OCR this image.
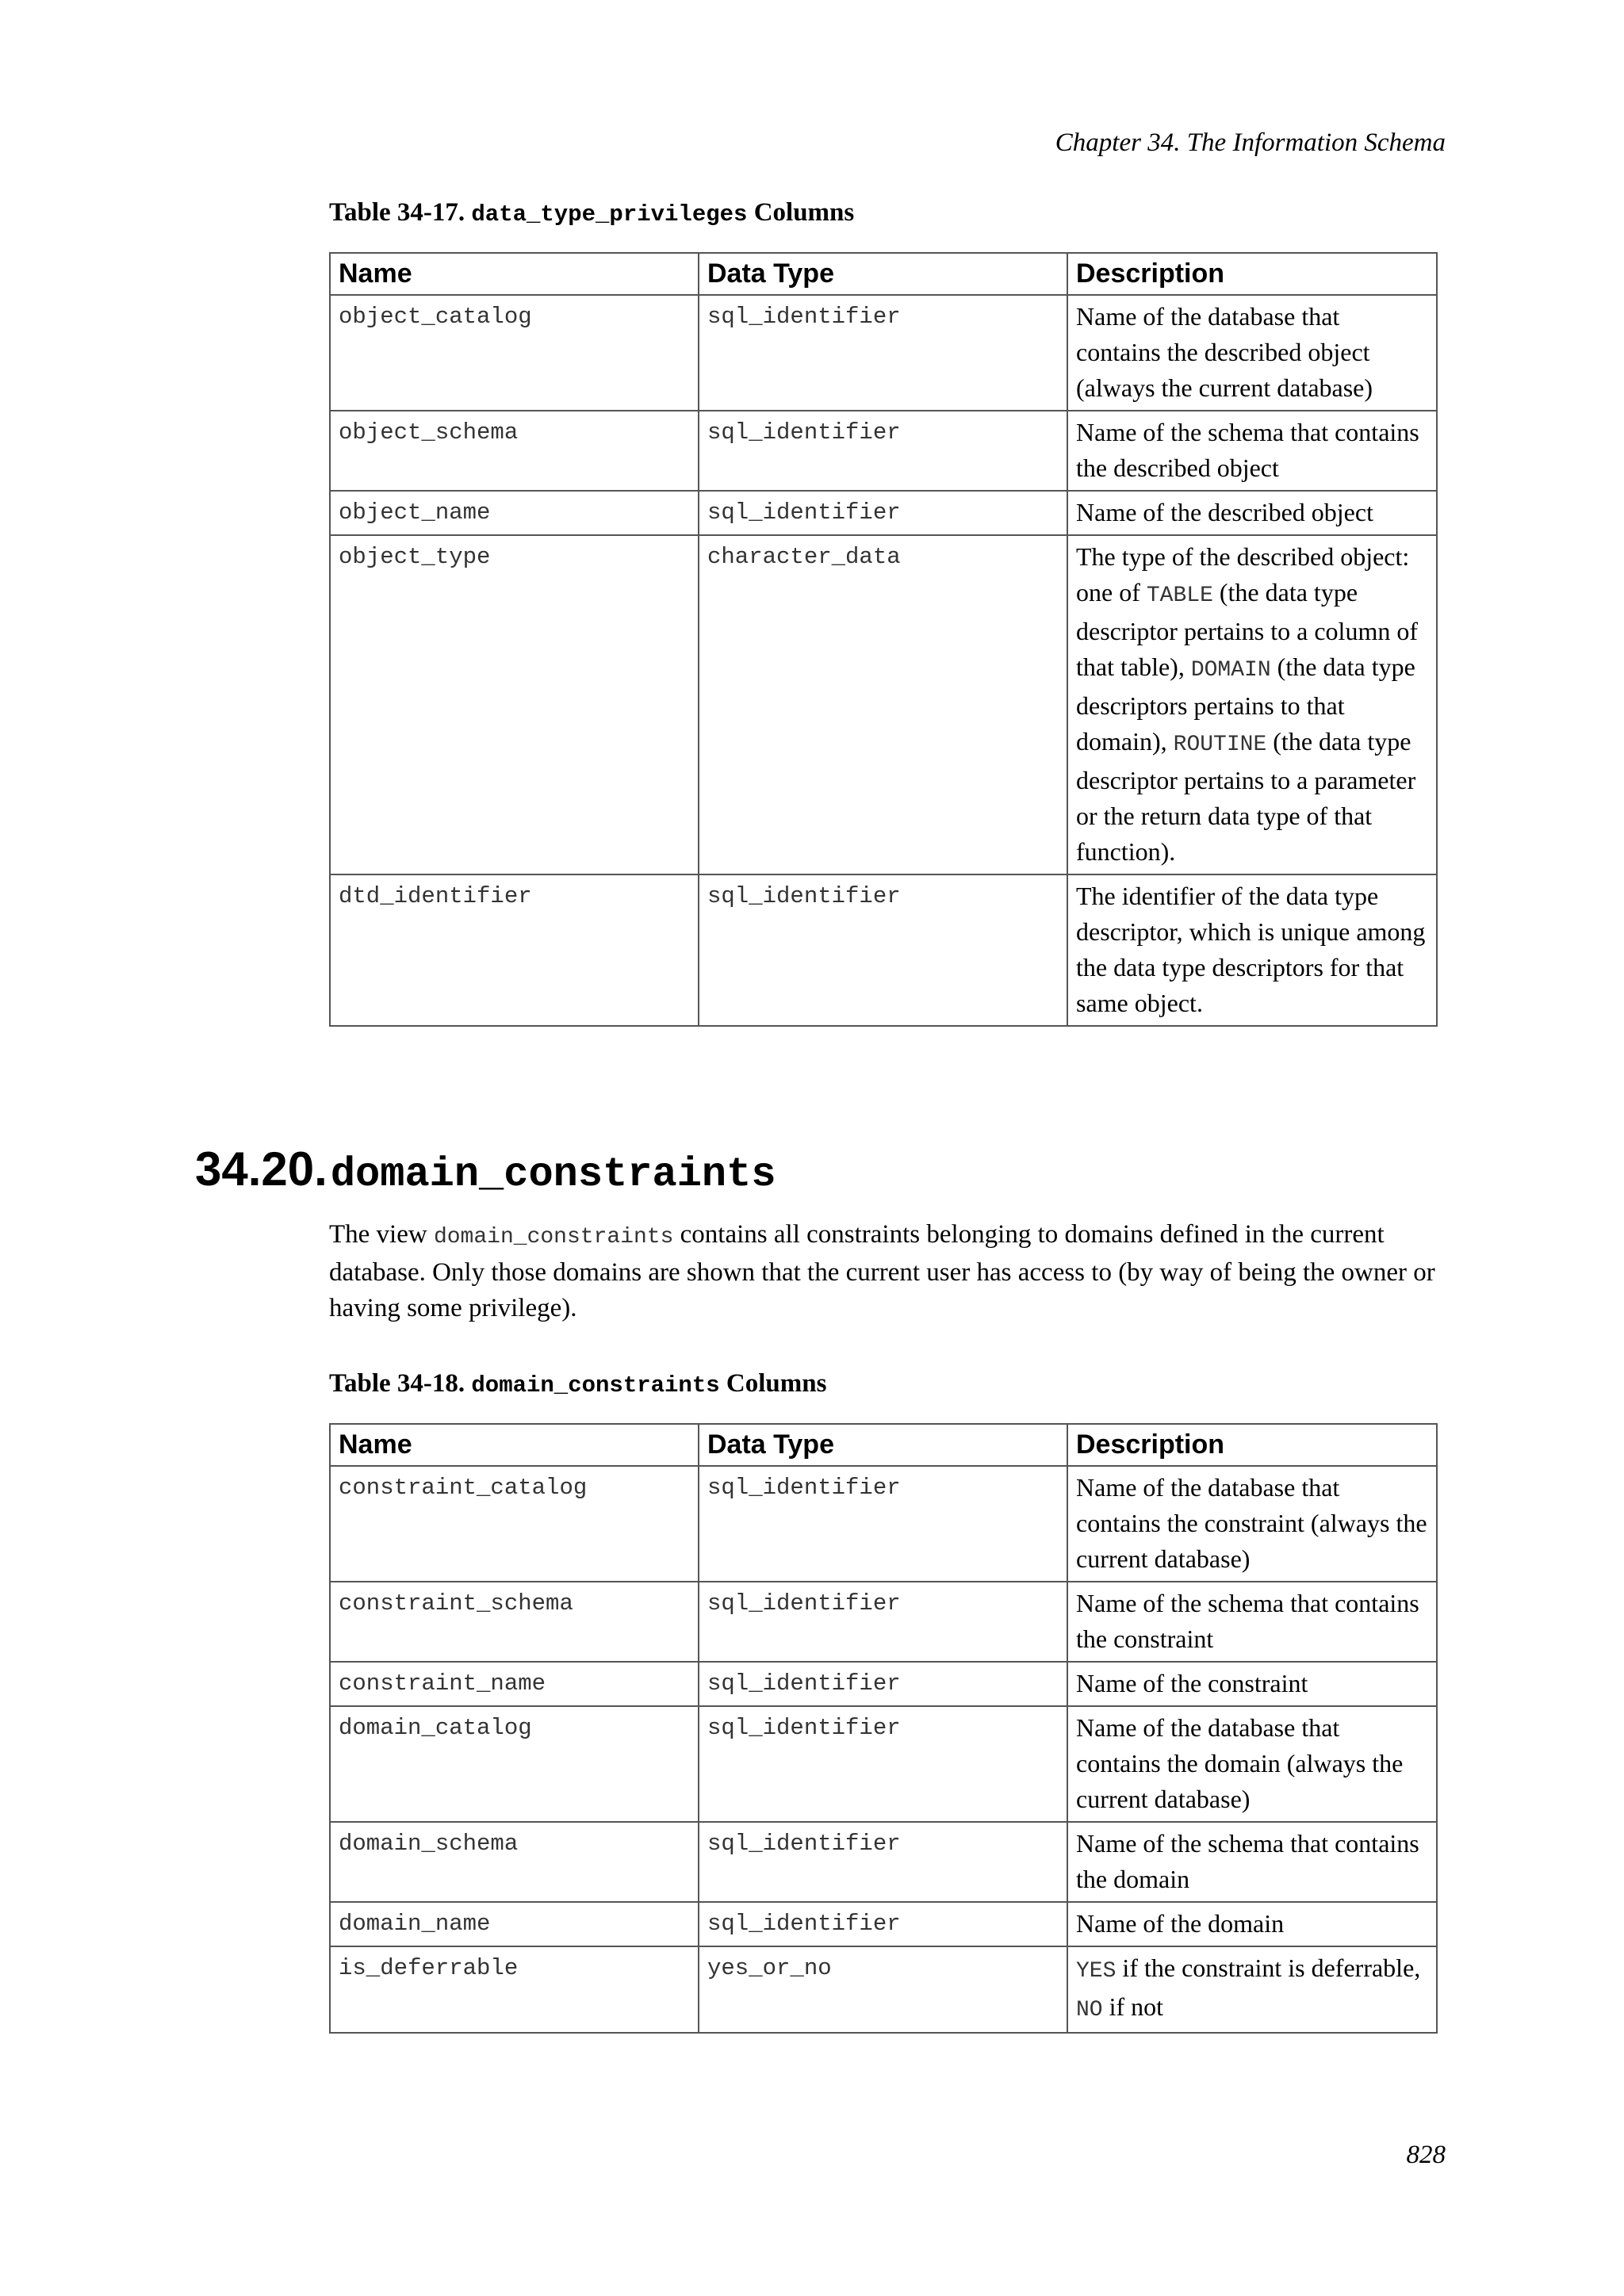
Chapter 34. The Information Schema
Table 34-17. data_type_privileges Columns
Name	Data Type	Description
object_catalog	sql_identifier	Name of the database that contains the described object (always the current database)
object_schema	sql_identifier	Name of the schema that contains the described object
object_name	sql_identifier	Name of the described object
object_type	character_data	The type of the described object: one of TABLE (the data type descriptor pertains to a column of that table), DOMAIN (the data type descriptors pertains to that domain), ROUTINE (the data type descriptor pertains to a parameter or the return data type of that function).
dtd_identifier	sql_identifier	The identifier of the data type descriptor, which is unique among the data type descriptors for that same object.
34.20. domain_constraints
The view domain_constraints contains all constraints belonging to domains defined in the current database. Only those domains are shown that the current user has access to (by way of being the owner or having some privilege).
Table 34-18. domain_constraints Columns
Name	Data Type	Description
constraint_catalog	sql_identifier	Name of the database that contains the constraint (always the current database)
constraint_schema	sql_identifier	Name of the schema that contains the constraint
constraint_name	sql_identifier	Name of the constraint
domain_catalog	sql_identifier	Name of the database that contains the domain (always the current database)
domain_schema	sql_identifier	Name of the schema that contains the domain
domain_name	sql_identifier	Name of the domain
is_deferrable	yes_or_no	YES if the constraint is deferrable, NO if not
828
